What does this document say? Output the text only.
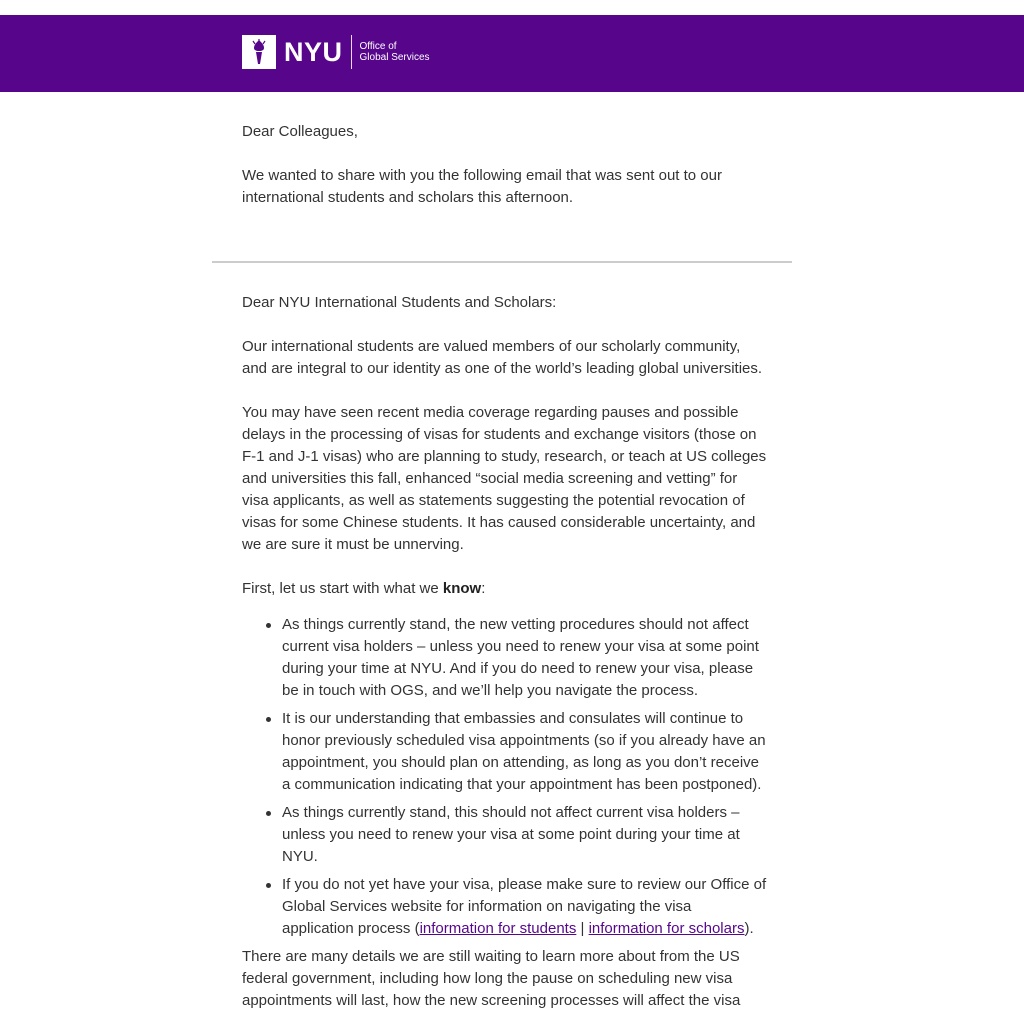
NYU Office of
Global Services

Dear Colleagues,

We wanted to share with you the following email that was sent out to our international students and scholars this afternoon.

Dear NYU International Students and Scholars:

Our international students are valued members of our scholarly community, and are integral to our identity as one of the world’s leading global universities.

You may have seen recent media coverage regarding pauses and possible delays in the processing of visas for students and exchange visitors (those on F-1 and J-1 visas) who are planning to study, research, or teach at US colleges and universities this fall, enhanced “social media screening and vetting” for visa applicants, as well as statements suggesting the potential revocation of visas for some Chinese students. It has caused considerable uncertainty, and we are sure it must be unnerving.

First, let us start with what we know:

As things currently stand, the new vetting procedures should not affect current visa holders – unless you need to renew your visa at some point during your time at NYU. And if you do need to renew your visa, please be in touch with OGS, and we’ll help you navigate the process.
It is our understanding that embassies and consulates will continue to honor previously scheduled visa appointments (so if you already have an appointment, you should plan on attending, as long as you don’t receive a communication indicating that your appointment has been postponed).
As things currently stand, this should not affect current visa holders – unless you need to renew your visa at some point during your time at NYU.
If you do not yet have your visa, please make sure to review our Office of Global Services website for information on navigating the visa application process (information for students | information for scholars).

There are many details we are still waiting to learn more about from the US federal government, including how long the pause on scheduling new visa appointments will last, how the new screening processes will affect the visa
